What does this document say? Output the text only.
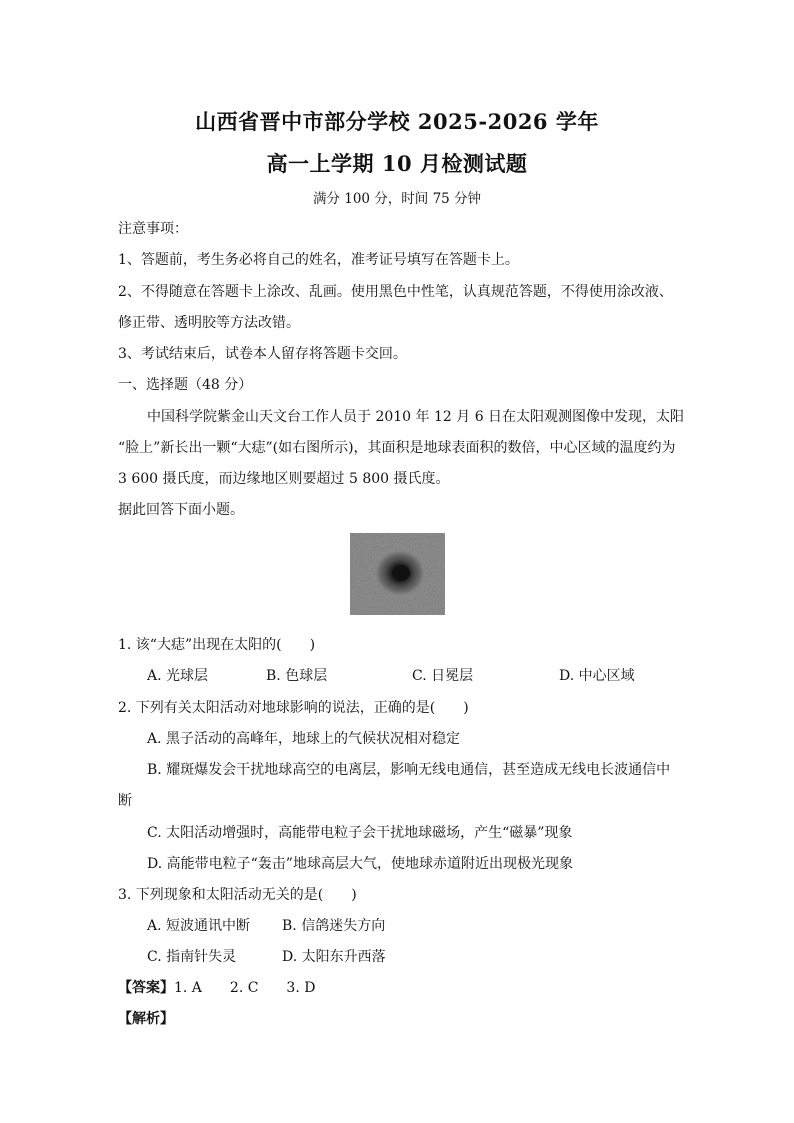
山西省晋中市部分学校 2025-2026 学年
高一上学期 10 月检测试题
满分 100 分，时间 75 分钟
注意事项：
1、答题前，考生务必将自己的姓名，准考证号填写在答题卡上。
2、不得随意在答题卡上涂改、乱画。使用黑色中性笔，认真规范答题，不得使用涂改液、
修正带、透明胶等方法改错。
3、考试结束后，试卷本人留存将答题卡交回。
一、选择题（48 分）
中国科学院紫金山天文台工作人员于 2010 年 12 月 6 日在太阳观测图像中发现，太阳
“脸上”新长出一颗“大痣”(如右图所示)，其面积是地球表面积的数倍，中心区域的温度约为
3 600 摄氏度，而边缘地区则要超过 5 800 摄氏度。
据此回答下面小题。
1. 该“大痣”出现在太阳的(　　)
A. 光球层	B. 色球层	C. 日冕层	D. 中心区域
2. 下列有关太阳活动对地球影响的说法，正确的是(　　)
A. 黑子活动的高峰年，地球上的气候状况相对稳定
B. 耀斑爆发会干扰地球高空的电离层，影响无线电通信，甚至造成无线电长波通信中
断
C. 太阳活动增强时，高能带电粒子会干扰地球磁场，产生“磁暴”现象
D. 高能带电粒子“轰击”地球高层大气，使地球赤道附近出现极光现象
3. 下列现象和太阳活动无关的是(　　)
A. 短波通讯中断 B. 信鸽迷失方向
C. 指南针失灵	D. 太阳东升西落
【答案】1. A　　2. C　　3. D
【解析】
